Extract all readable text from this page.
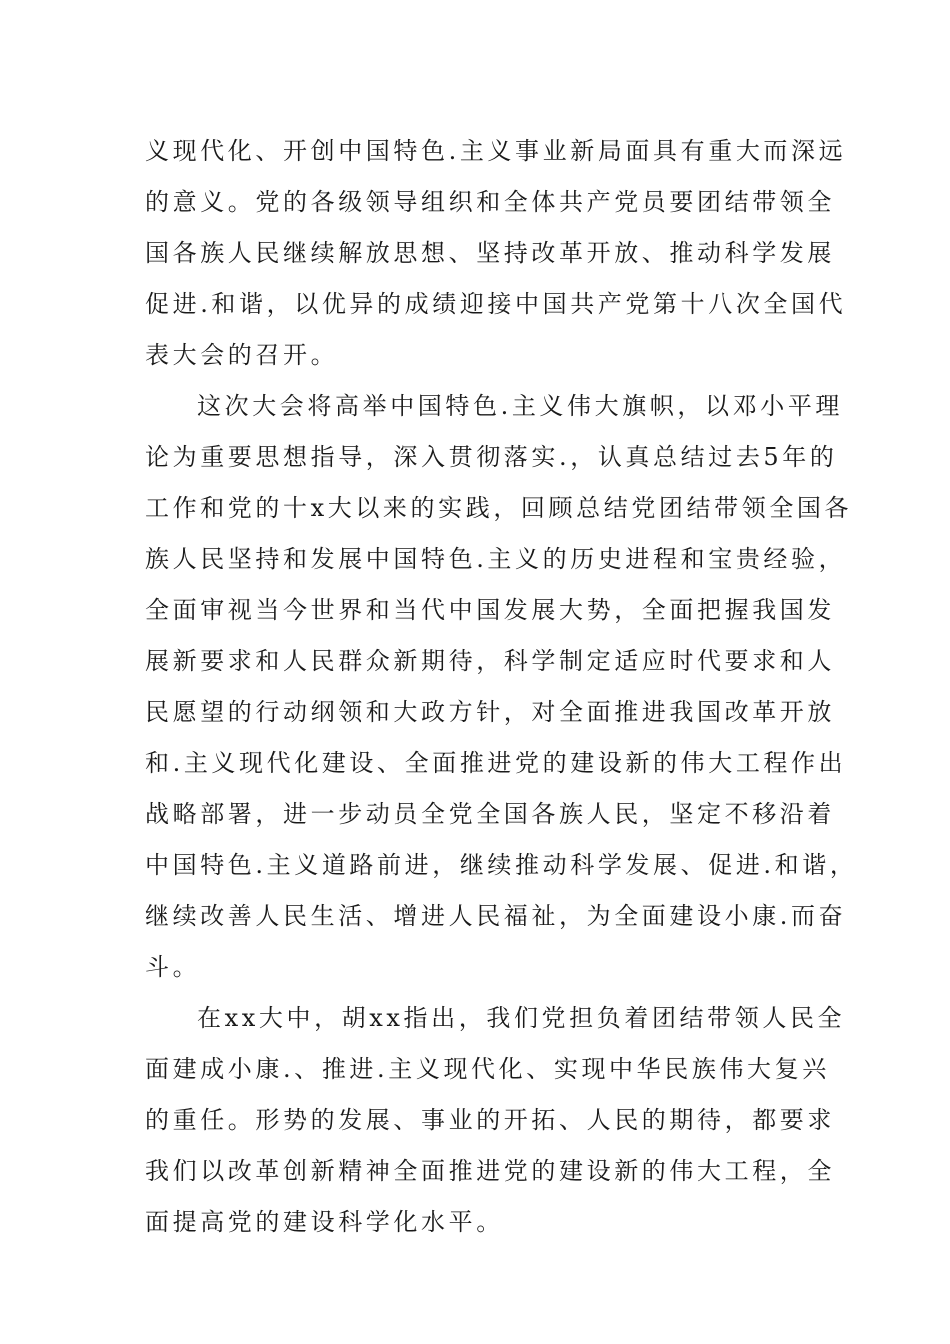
义现代化、开创中国特色.主义事业新局面具有重大而深远
的意义。党的各级领导组织和全体共产党员要团结带领全
国各族人民继续解放思想、坚持改革开放、推动科学发展
促进.和谐，以优异的成绩迎接中国共产党第十八次全国代
表大会的召开。
这次大会将高举中国特色.主义伟大旗帜，以邓小平理
论为重要思想指导，深入贯彻落实.，认真总结过去5年的
工作和党的十x大以来的实践，回顾总结党团结带领全国各
族人民坚持和发展中国特色.主义的历史进程和宝贵经验，
全面审视当今世界和当代中国发展大势，全面把握我国发
展新要求和人民群众新期待，科学制定适应时代要求和人
民愿望的行动纲领和大政方针，对全面推进我国改革开放
和.主义现代化建设、全面推进党的建设新的伟大工程作出
战略部署，进一步动员全党全国各族人民，坚定不移沿着
中国特色.主义道路前进，继续推动科学发展、促进.和谐，
继续改善人民生活、增进人民福祉，为全面建设小康.而奋
斗。
在xx大中，胡xx指出，我们党担负着团结带领人民全
面建成小康.、推进.主义现代化、实现中华民族伟大复兴
的重任。形势的发展、事业的开拓、人民的期待，都要求
我们以改革创新精神全面推进党的建设新的伟大工程，全
面提高党的建设科学化水平。
